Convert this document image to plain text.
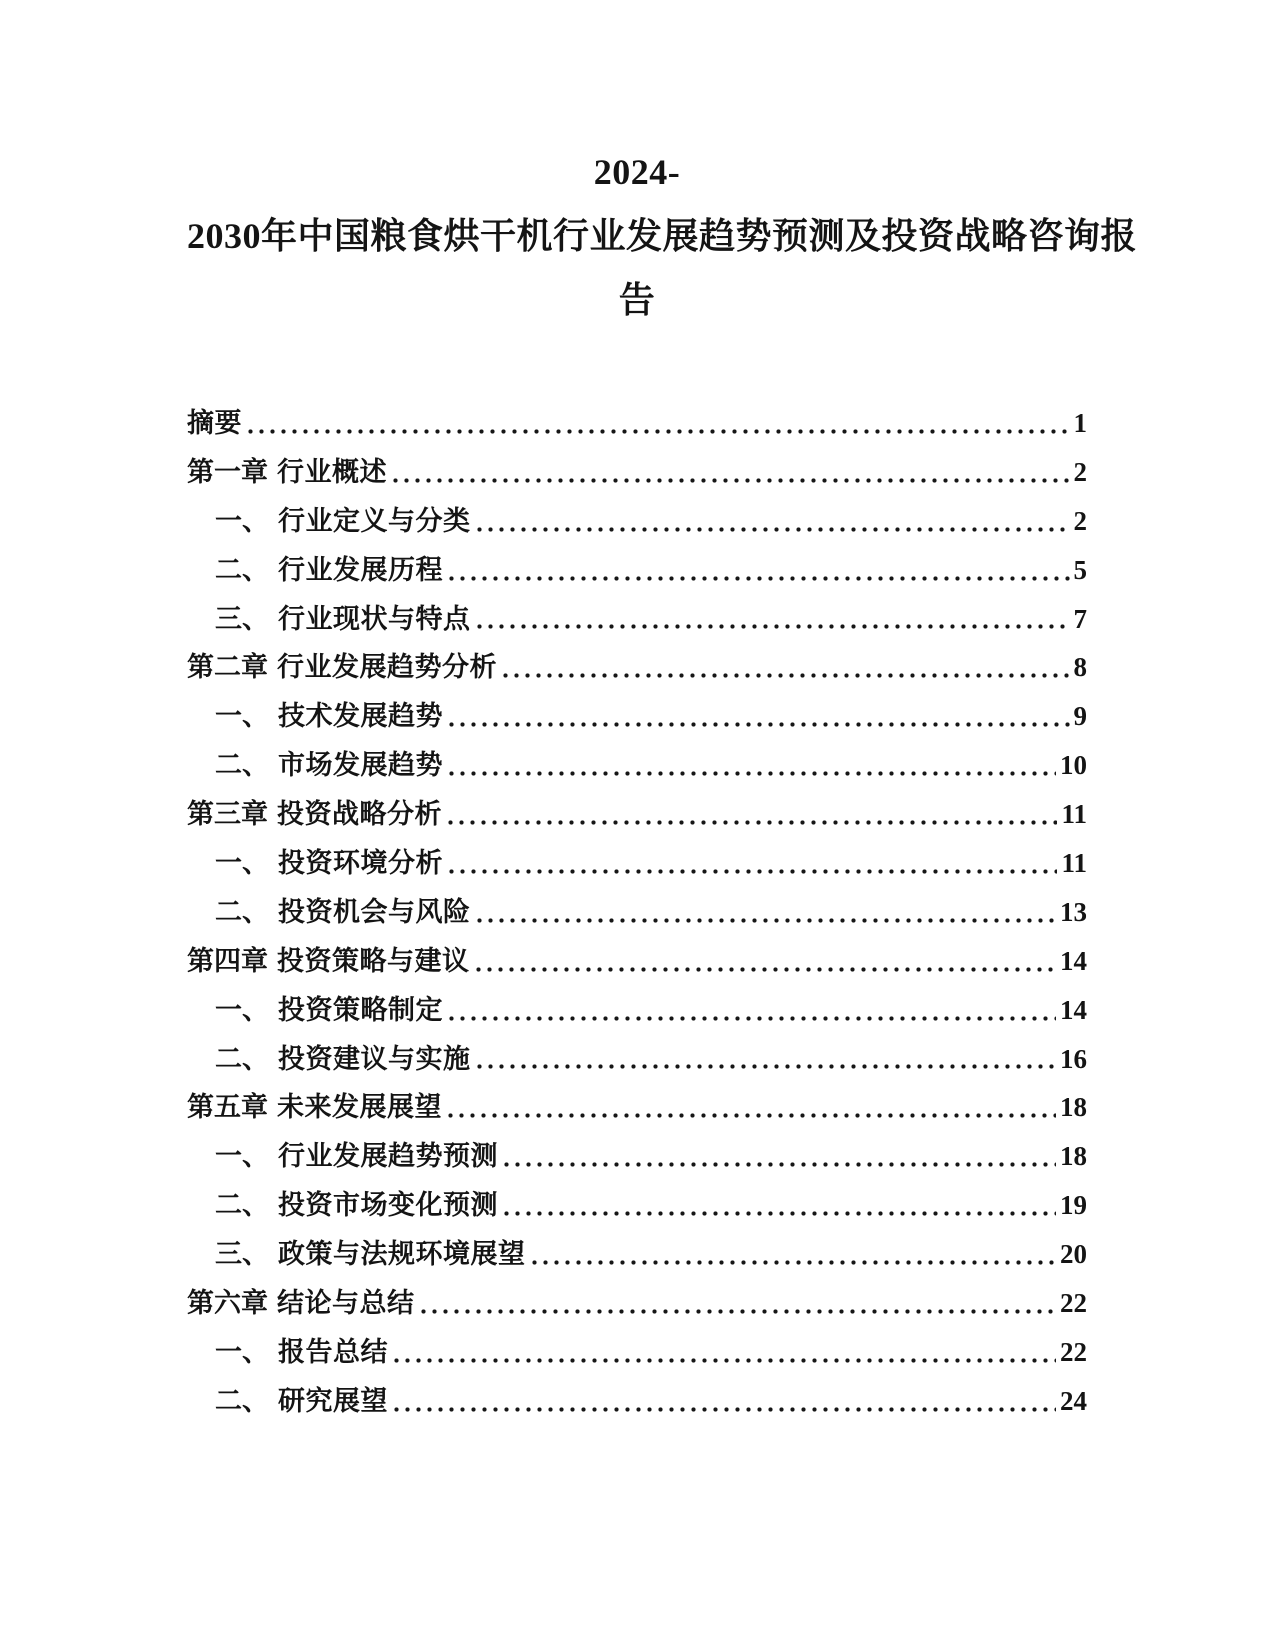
2024-
2030年中国粮食烘干机行业发展趋势预测及投资战略咨询报
告
摘要	1
第一章 行业概述	2
一、 行业定义与分类	2
二、 行业发展历程	5
三、 行业现状与特点	7
第二章 行业发展趋势分析	8
一、 技术发展趋势	9
二、 市场发展趋势	10
第三章 投资战略分析	11
一、 投资环境分析	11
二、 投资机会与风险	13
第四章 投资策略与建议	14
一、 投资策略制定	14
二、 投资建议与实施	16
第五章 未来发展展望	18
一、 行业发展趋势预测	18
二、 投资市场变化预测	19
三、 政策与法规环境展望	20
第六章 结论与总结	22
一、 报告总结	22
二、 研究展望	24
